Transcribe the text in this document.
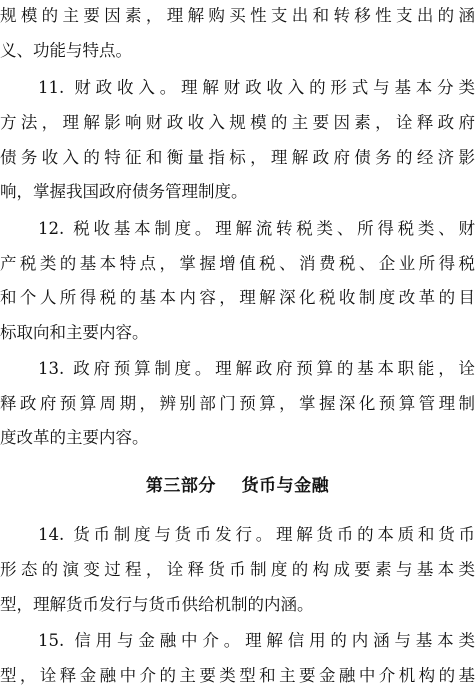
规模的主要因素，理解购买性支出和转移性支出的涵
义、功能与特点。
11. 财政收入。理解财政收入的形式与基本分类
方法，理解影响财政收入规模的主要因素，诠释政府
债务收入的特征和衡量指标，理解政府债务的经济影
响，掌握我国政府债务管理制度。
12. 税收基本制度。理解流转税类、所得税类、财
产税类的基本特点，掌握增值税、消费税、企业所得税
和个人所得税的基本内容，理解深化税收制度改革的目
标取向和主要内容。
13. 政府预算制度。理解政府预算的基本职能，诠
释政府预算周期，辨别部门预算，掌握深化预算管理制
度改革的主要内容。
第三部分    货币与金融
14. 货币制度与货币发行。理解货币的本质和货币
形态的演变过程，诠释货币制度的构成要素与基本类
型，理解货币发行与货币供给机制的内涵。
15. 信用与金融中介。理解信用的内涵与基本类
型，诠释金融中介的主要类型和主要金融中介机构的基
